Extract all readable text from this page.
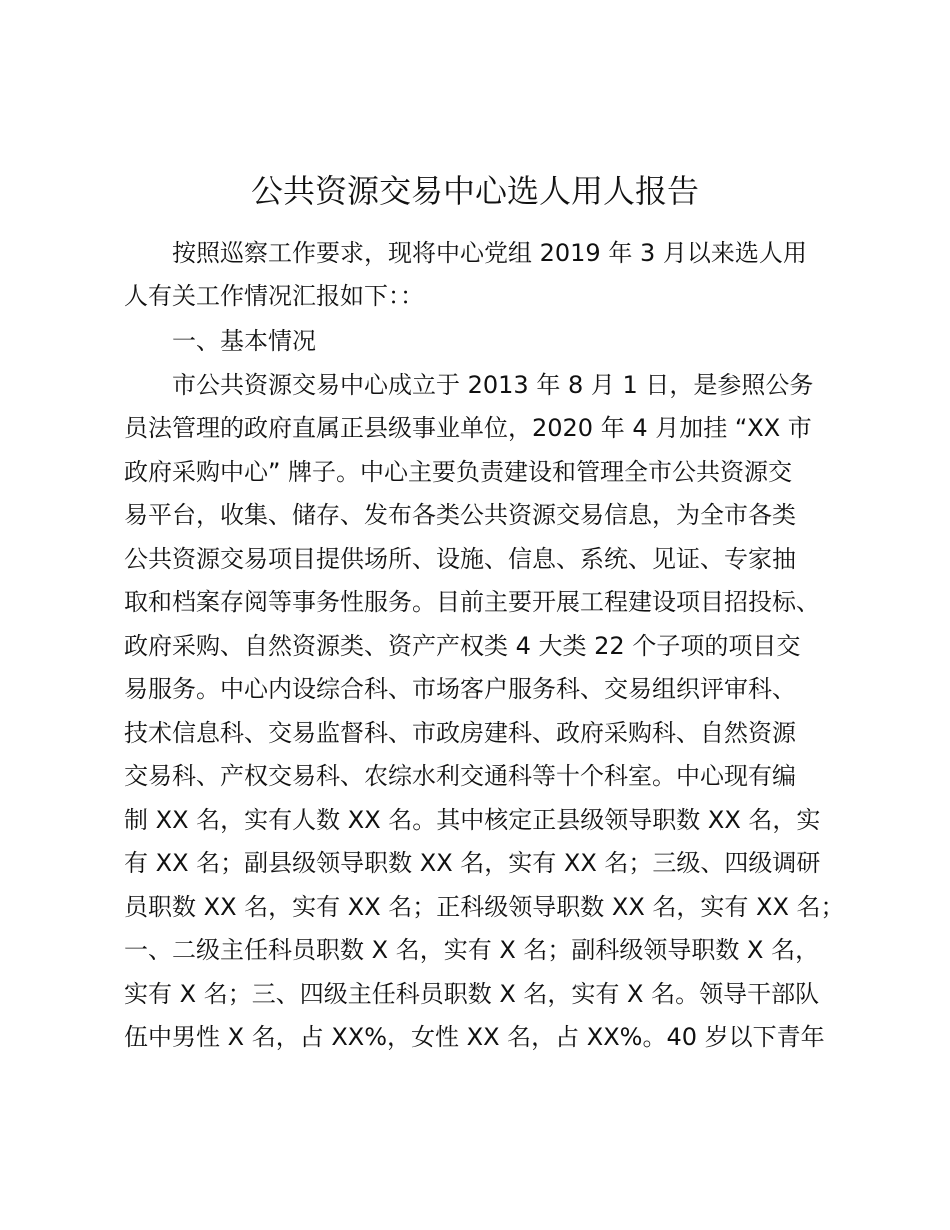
公共资源交易中心选人用人报告

　　按照巡察工作要求，现将中心党组 2019 年 3 月以来选人用

人有关工作情况汇报如下：：

　　一、基本情况

　　市公共资源交易中心成立于 2013 年 8 月 1 日，是参照公务

员法管理的政府直属正县级事业单位，2020 年 4 月加挂 “XX 市

政府采购中心” 牌子。中心主要负责建设和管理全市公共资源交

易平台，收集、储存、发布各类公共资源交易信息，为全市各类

公共资源交易项目提供场所、设施、信息、系统、见证、专家抽

取和档案存阅等事务性服务。目前主要开展工程建设项目招投标、

政府采购、自然资源类、资产产权类 4 大类 22 个子项的项目交

易服务。中心内设综合科、市场客户服务科、交易组织评审科、

技术信息科、交易监督科、市政房建科、政府采购科、自然资源

交易科、产权交易科、农综水利交通科等十个科室。中心现有编

制 XX 名，实有人数 XX 名。其中核定正县级领导职数 XX 名，实

有 XX 名；副县级领导职数 XX 名，实有 XX 名；三级、四级调研

员职数 XX 名，实有 XX 名；正科级领导职数 XX 名，实有 XX 名；

一、二级主任科员职数 X 名，实有 X 名；副科级领导职数 X 名，

实有 X 名；三、四级主任科员职数 X 名，实有 X 名。领导干部队

伍中男性 X 名，占 XX%，女性 XX 名，占 XX%。40 岁以下青年
